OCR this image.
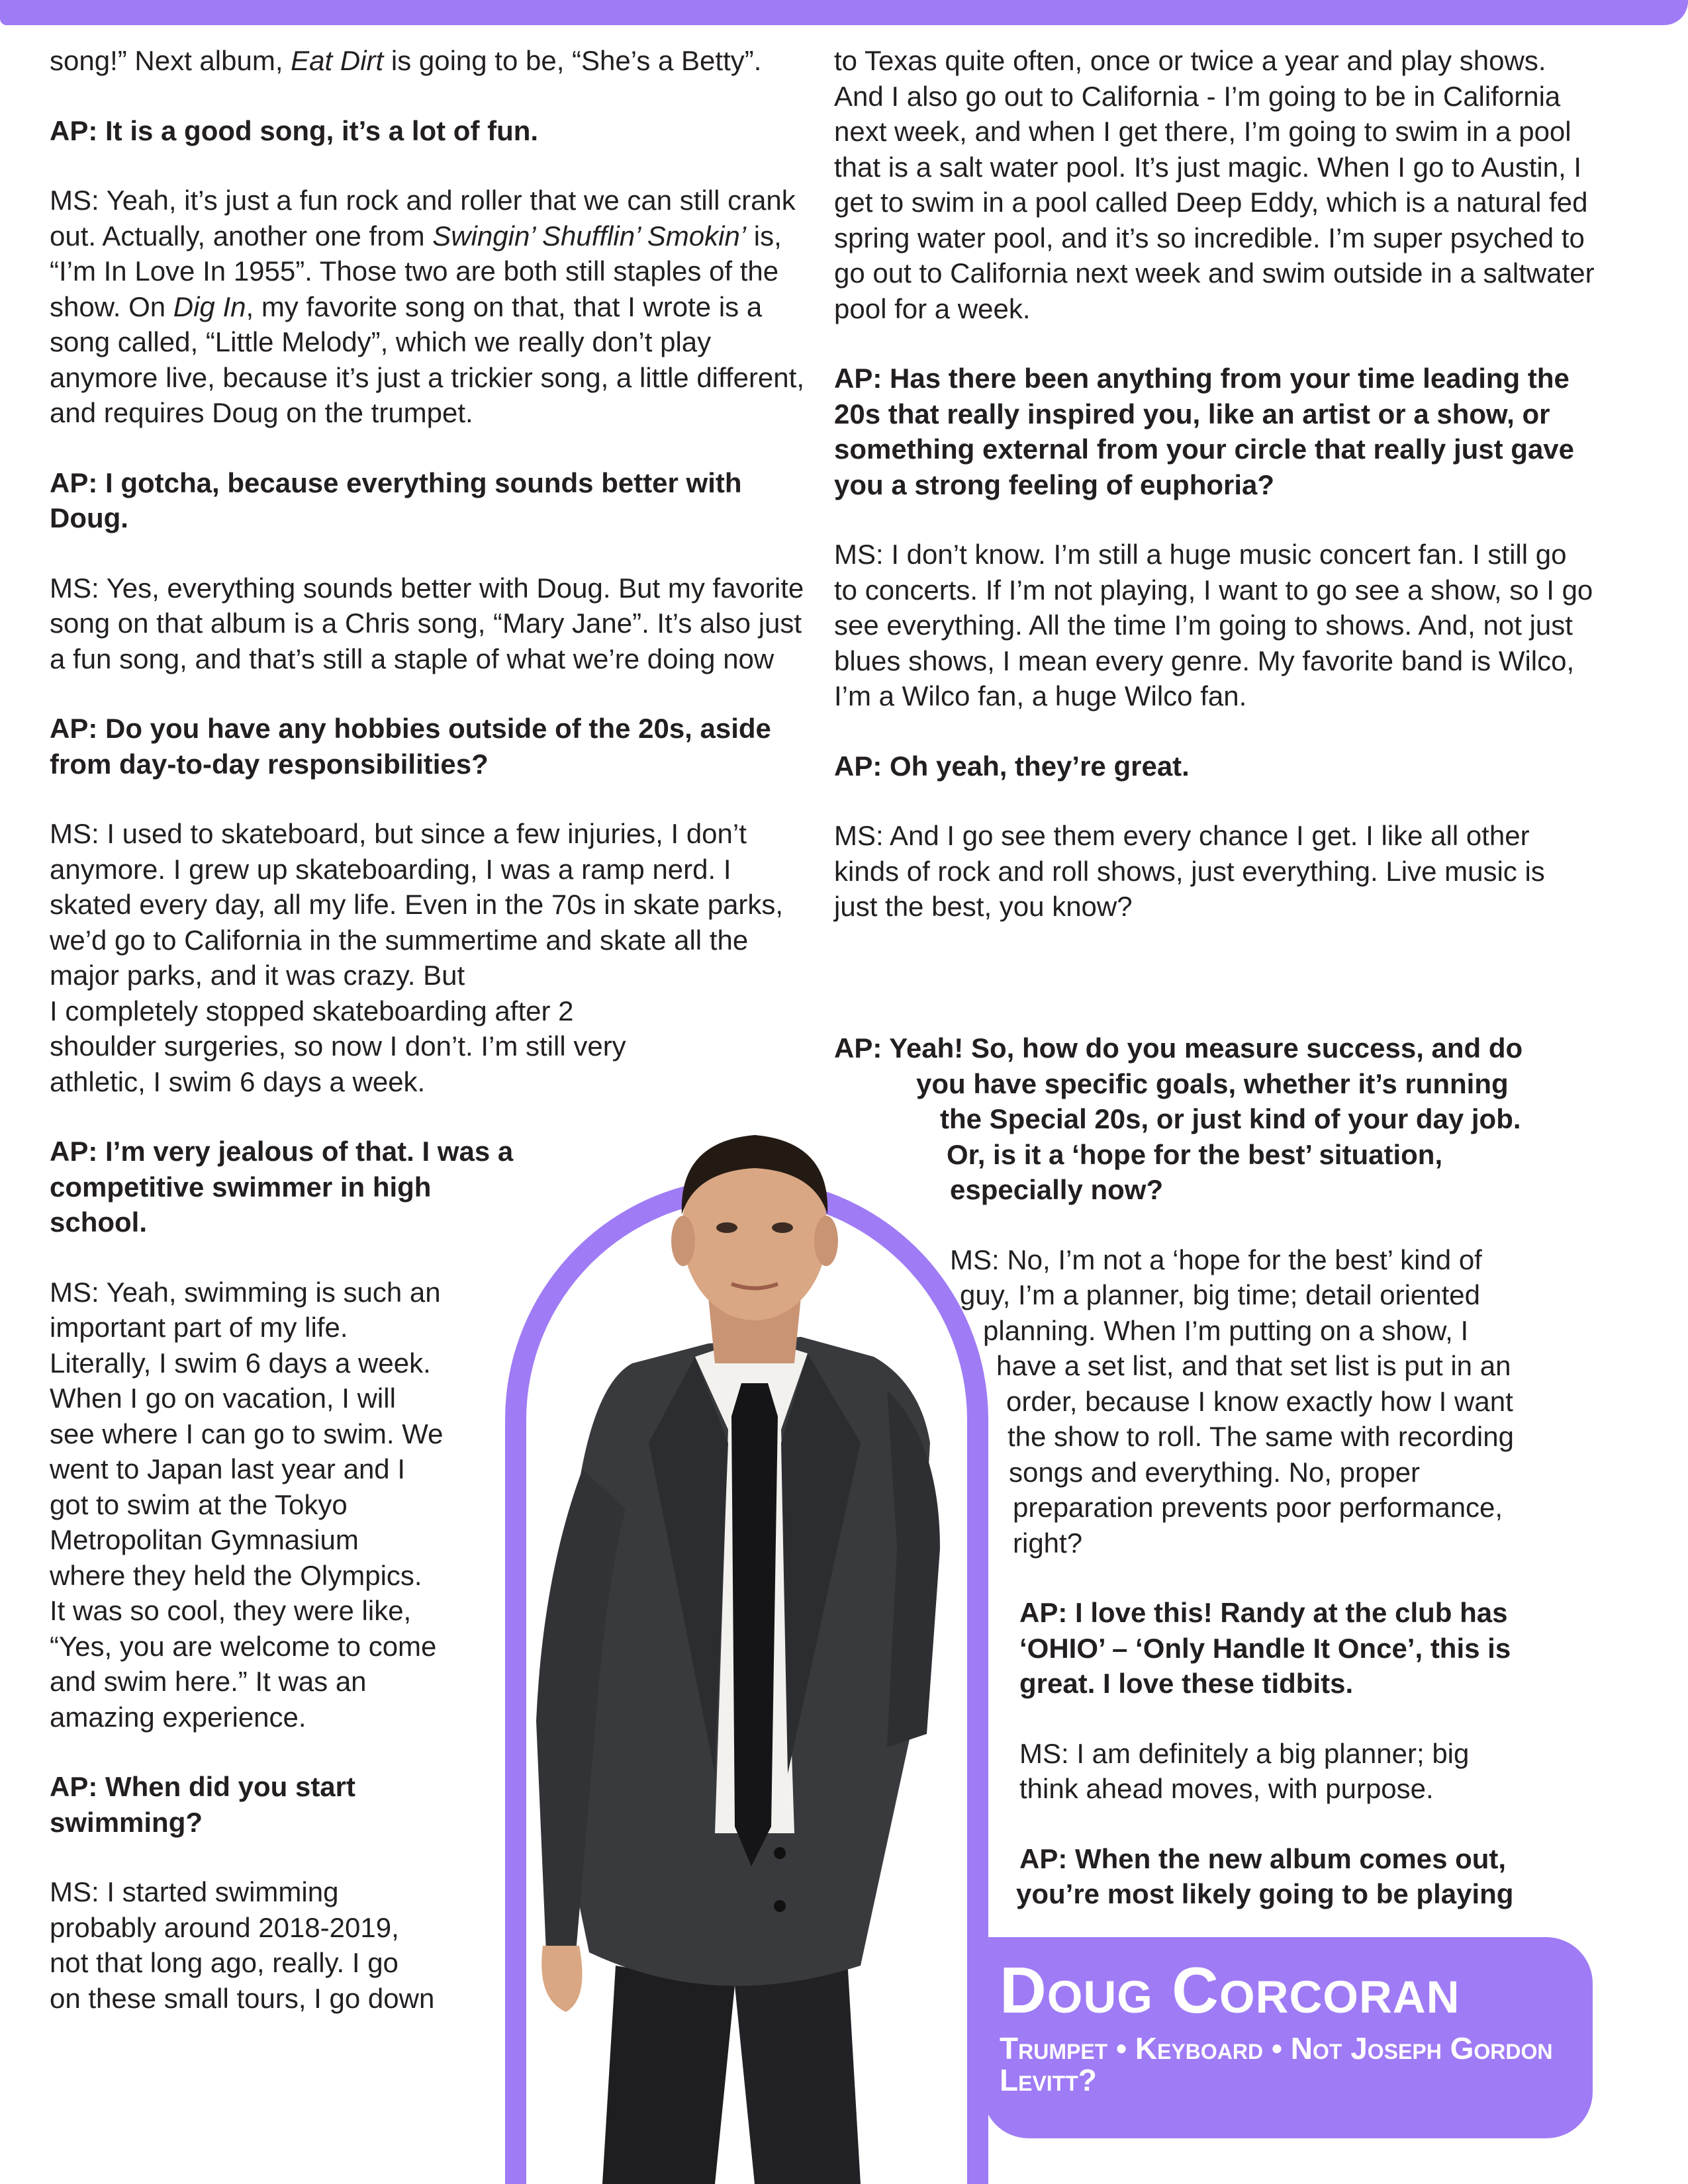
song!” Next album, Eat Dirt is going to be, “She’s a Betty”.

AP: It is a good song, it’s a lot of fun.

MS: Yeah, it’s just a fun rock and roller that we can still crank out. Actually, another one from Swingin’ Shufflin’ Smokin’ is, “I’m In Love In 1955”. Those two are both still staples of the show. On Dig In, my favorite song on that, that I wrote is a song called, “Little Melody”, which we really don’t play anymore live, because it’s just a trickier song, a little different, and requires Doug on the trumpet.

AP: I gotcha, because everything sounds better with Doug.

MS: Yes, everything sounds better with Doug. But my favorite song on that album is a Chris song, “Mary Jane”. It’s also just a fun song, and that’s still a staple of what we’re doing now

AP: Do you have any hobbies outside of the 20s, aside from day-to-day responsibilities?

MS: I used to skateboard, but since a few injuries, I don’t anymore. I grew up skateboarding, I was a ramp nerd. I skated every day, all my life. Even in the 70s in skate parks, we’d go to California in the summertime and skate all the major parks, and it was crazy. But
I completely stopped skateboarding after 2
shoulder surgeries, so now I don’t. I’m still very
athletic, I swim 6 days a week.

AP: I’m very jealous of that. I was a
competitive swimmer in high
school.

MS: Yeah, swimming is such an
important part of my life.
Literally, I swim 6 days a week.
When I go on vacation, I will
see where I can go to swim. We
went to Japan last year and I
got to swim at the Tokyo
Metropolitan Gymnasium
where they held the Olympics.
It was so cool, they were like,
“Yes, you are welcome to come
and swim here.” It was an
amazing experience.

AP: When did you start
swimming?

MS: I started swimming
probably around 2018-2019,
not that long ago, really. I go
on these small tours, I go down

to Texas quite often, once or twice a year and play shows. And I also go out to California - I’m going to be in California next week, and when I get there, I’m going to swim in a pool that is a salt water pool. It’s just magic. When I go to Austin, I get to swim in a pool called Deep Eddy, which is a natural fed spring water pool, and it’s so incredible. I’m super psyched to go out to California next week and swim outside in a saltwater pool for a week.

AP: Has there been anything from your time leading the 20s that really inspired you, like an artist or a show, or something external from your circle that really just gave you a strong feeling of euphoria?

MS: I don’t know. I’m still a huge music concert fan. I still go to concerts. If I’m not playing, I want to go see a show, so I go see everything. All the time I’m going to shows. And, not just blues shows, I mean every genre. My favorite band is Wilco, I’m a Wilco fan, a huge Wilco fan.

AP: Oh yeah, they’re great.

MS: And I go see them every chance I get. I like all other kinds of rock and roll shows, just everything. Live music is just the best, you know?

AP: Yeah! So, how do you measure success, and do
you have specific goals, whether it’s running
the Special 20s, or just kind of your day job.
Or, is it a ‘hope for the best’ situation,
especially now?

MS: No, I’m not a ‘hope for the best’ kind of
guy, I’m a planner, big time; detail oriented
planning. When I’m putting on a show, I
have a set list, and that set list is put in an
order, because I know exactly how I want
the show to roll. The same with recording
songs and everything. No, proper
preparation prevents poor performance,
right?

AP: I love this! Randy at the club has
‘OHIO’ – ‘Only Handle It Once’, this is
great. I love these tidbits.

MS: I am definitely a big planner; big
think ahead moves, with purpose.

AP: When the new album comes out,
you’re most likely going to be playing

Doug Corcoran
Trumpet • Keyboard • Not Joseph Gordon Levitt?
